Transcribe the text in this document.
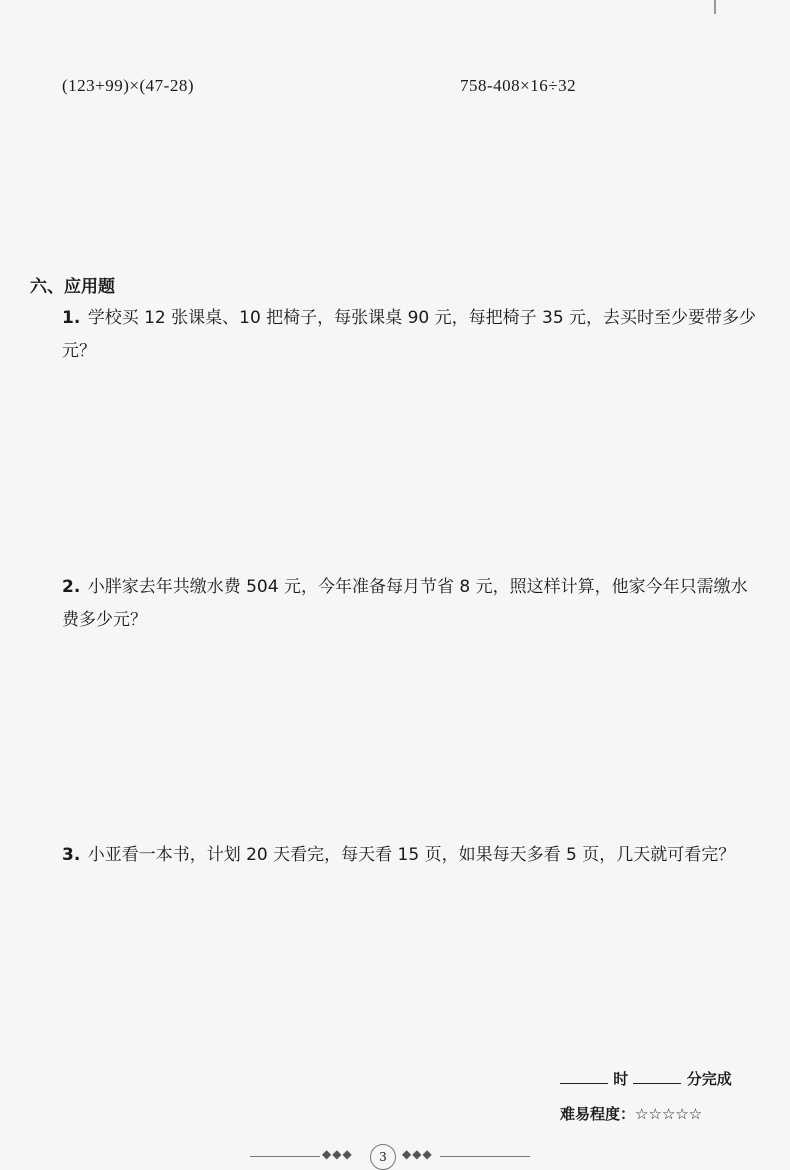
(123+99)×(47-28)	758-408×16÷32
六、应用题
1. 学校买 12 张课桌、10 把椅子，每张课桌 90 元，每把椅子 35 元，去买时至少要带多少元？
2. 小胖家去年共缴水费 504 元，今年准备每月节省 8 元，照这样计算，他家今年只需缴水费多少元？
3. 小亚看一本书，计划 20 天看完，每天看 15 页，如果每天多看 5 页，几天就可看完？
时	分完成
难易程度：☆☆☆☆☆
◆◆◆	3	◆◆◆
